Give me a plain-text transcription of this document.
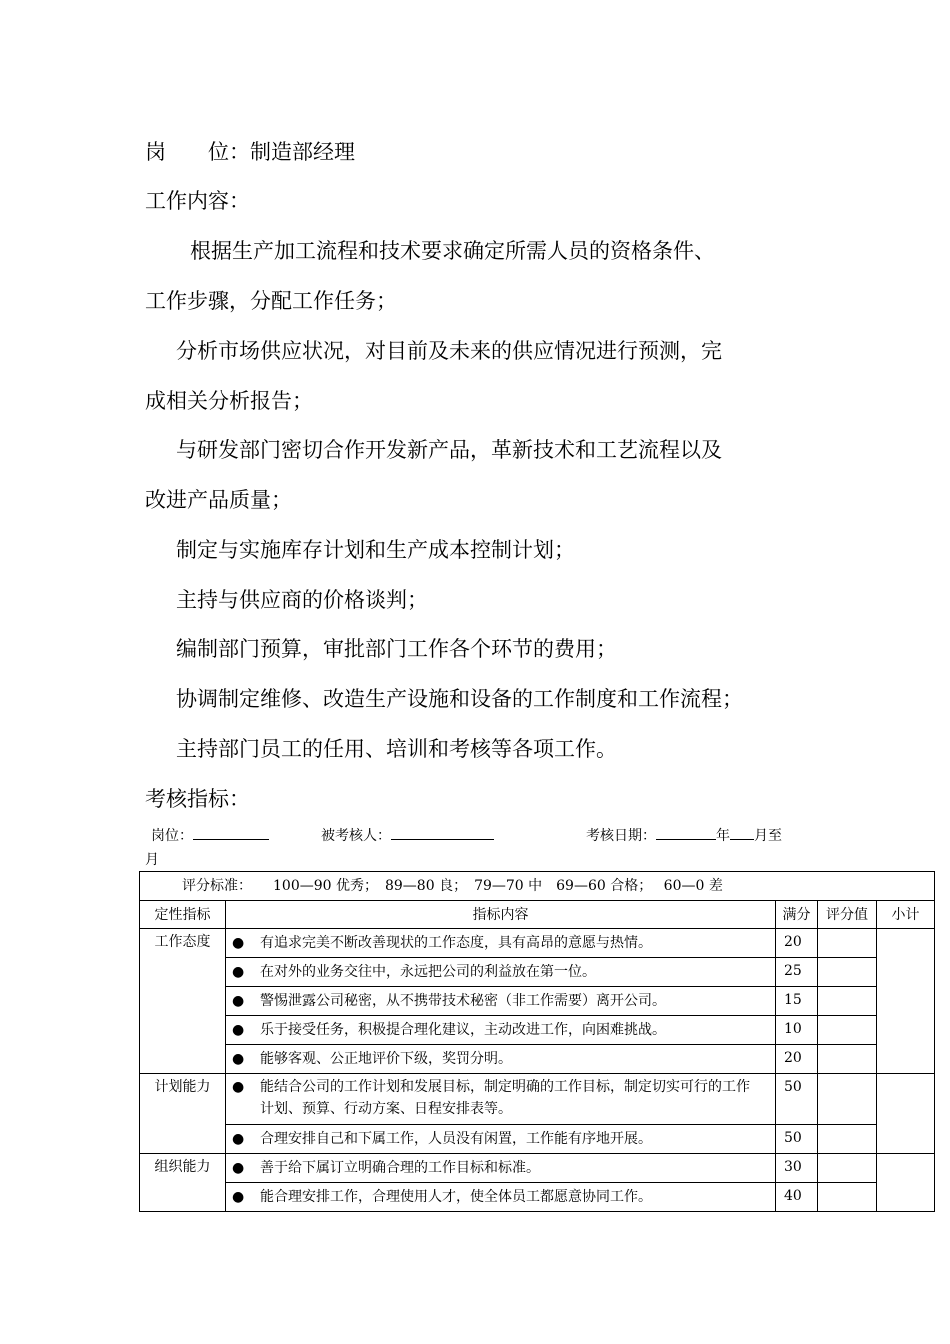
岗　　位：制造部经理
工作内容：
根据生产加工流程和技术要求确定所需人员的资格条件、
工作步骤，分配工作任务；
分析市场供应状况，对目前及未来的供应情况进行预测，完
成相关分析报告；
与研发部门密切合作开发新产品，革新技术和工艺流程以及
改进产品质量；
制定与实施库存计划和生产成本控制计划；
主持与供应商的价格谈判；
编制部门预算，审批部门工作各个环节的费用；
协调制定维修、改造生产设施和设备的工作制度和工作流程；
主持部门员工的任用、培训和考核等各项工作。
考核指标：
岗位：	被考核人：	考核日期：	年 月至
月
评分标准：　　100—90 优秀；　89—80 良；　79—70 中　69—60 合格；　 60—0 差				
定性指标	指标内容	满分	评分值	小计
工作态度	● 有追求完美不断改善现状的工作态度，具有高昂的意愿与热情。	20		
	● 在对外的业务交往中，永远把公司的利益放在第一位。	25		
	● 警惕泄露公司秘密，从不携带技术秘密（非工作需要）离开公司。	15		
	● 乐于接受任务，积极提合理化建议，主动改进工作，向困难挑战。	10		
	● 能够客观、公正地评价下级，奖罚分明。	20		
计划能力	● 能结合公司的工作计划和发展目标，制定明确的工作目标，制定切实可行的工作计划、预算、行动方案、日程安排表等。	50		
	● 合理安排自己和下属工作，人员没有闲置，工作能有序地开展。	50		
组织能力	● 善于给下属订立明确合理的工作目标和标准。	30		
	● 能合理安排工作，合理使用人才，使全体员工都愿意协同工作。	40		
